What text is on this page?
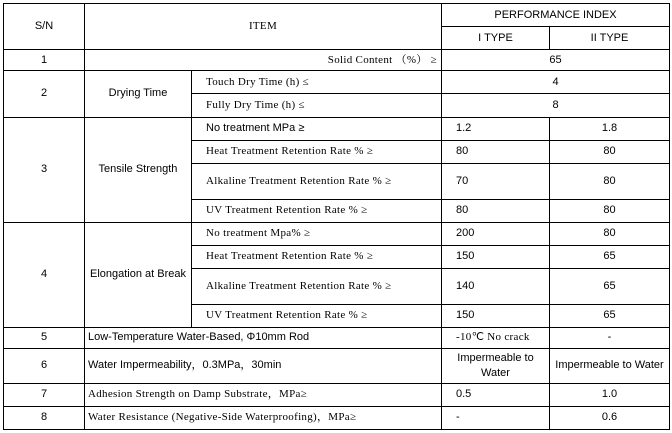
S/N	ITEM		PERFORMANCE INDEX	
			I TYPE	II TYPE
1	Solid Content （%） ≥		65	
2	Drying Time	Touch Dry Time (h) ≤	4	
		Fully Dry Time (h) ≤	8	
3	Tensile Strength	No treatment MPa ≥	1.2	1.8
		Heat Treatment Retention Rate % ≥	80	80
		Alkaline Treatment Retention Rate % ≥	70	80
		UV Treatment Retention Rate % ≥	80	80
4	Elongation at Break	No treatment Mpa% ≥	200	80
		Heat Treatment Retention Rate % ≥	150	65
		Alkaline Treatment Retention Rate % ≥	140	65
		UV Treatment Retention Rate % ≥	150	65
5	Low-Temperature Water-Based, Φ10mm Rod		-10℃ No crack	-
6	Water Impermeability，0.3MPa，30min		Impermeable to Water	Impermeable to Water
7	Adhesion Strength on Damp Substrate，MPa≥		0.5	1.0
8	Water Resistance (Negative-Side Waterproofing)，MPa≥		-	0.6
